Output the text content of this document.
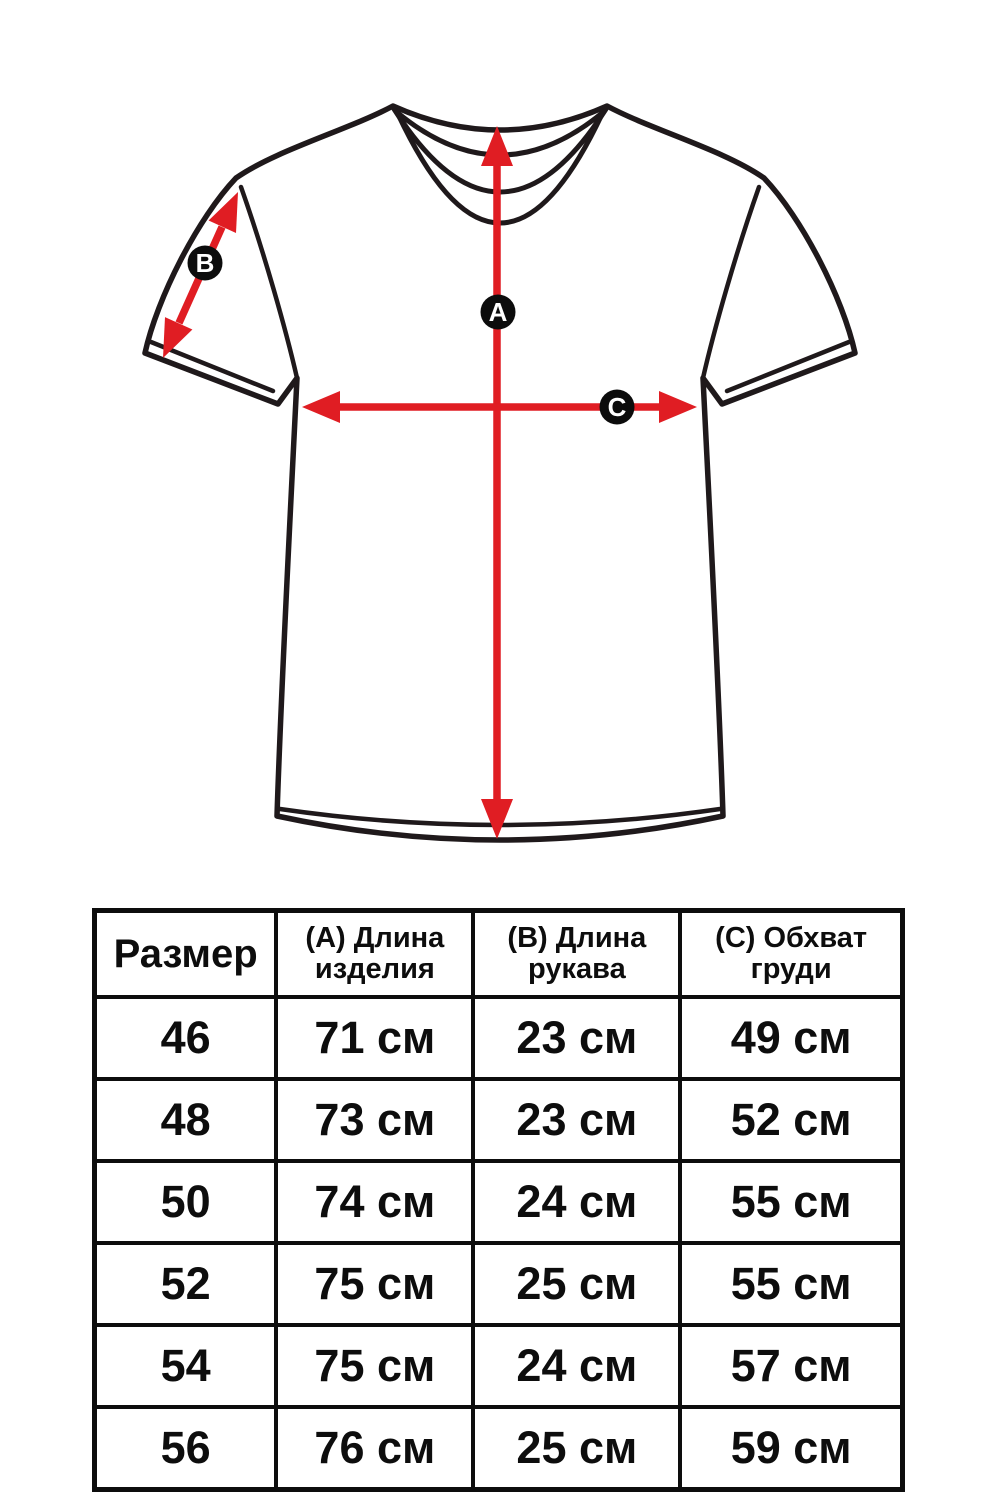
A
B
C
Размер	(А) Длина изделия	(В) Длина рукава	(С) Обхват груди
46	71 см	23 см	49 см
48	73 см	23 см	52 см
50	74 см	24 см	55 см
52	75 см	25 см	55 см
54	75 см	24 см	57 см
56	76 см	25 см	59 см
